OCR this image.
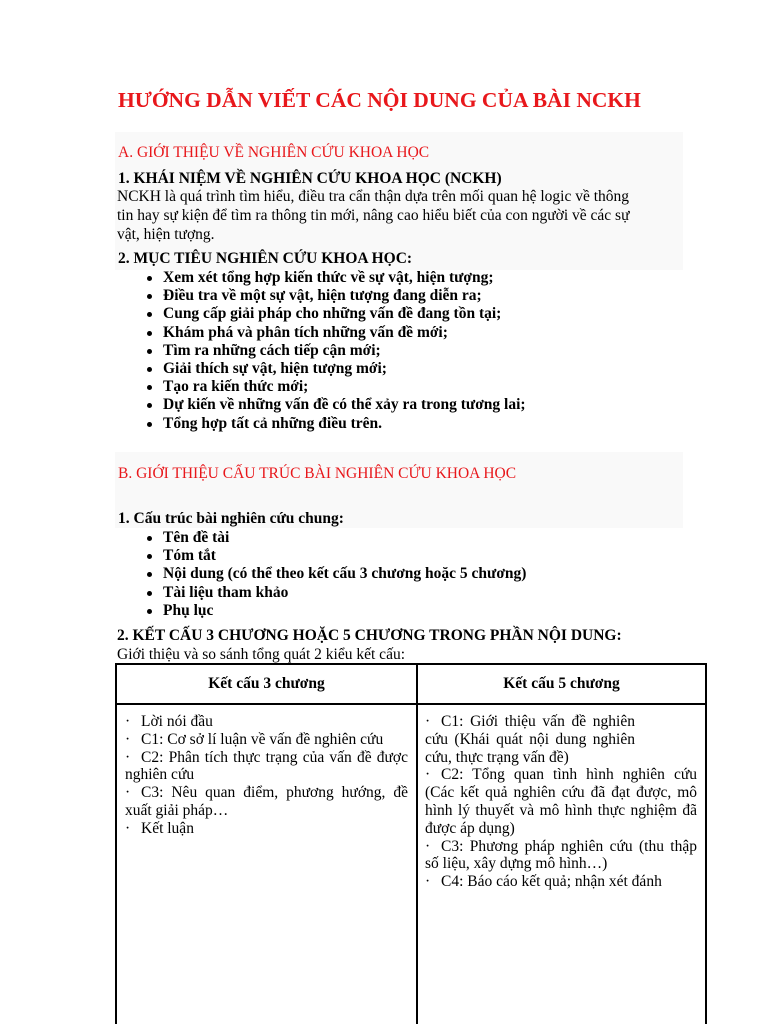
HƯỚNG DẪN VIẾT CÁC NỘI DUNG CỦA BÀI NCKH
A. GIỚI THIỆU VỀ NGHIÊN CỨU KHOA HỌC
1. KHÁI NIỆM VỀ NGHIÊN CỨU KHOA HỌC (NCKH)
NCKH là quá trình tìm hiểu, điều tra cẩn thận dựa trên mối quan hệ logic về thông
tin hay sự kiện để tìm ra thông tin mới, nâng cao hiểu biết của con người về các sự
vật, hiện tượng.
2. MỤC TIÊU NGHIÊN CỨU KHOA HỌC:
Xem xét tổng hợp kiến thức về sự vật, hiện tượng;
Điều tra về một sự vật, hiện tượng đang diễn ra;
Cung cấp giải pháp cho những vấn đề đang tồn tại;
Khám phá và phân tích những vấn đề mới;
Tìm ra những cách tiếp cận mới;
Giải thích sự vật, hiện tượng mới;
Tạo ra kiến thức mới;
Dự kiến về những vấn đề có thể xảy ra trong tương lai;
Tổng hợp tất cả những điều trên.
B. GIỚI THIỆU CẤU TRÚC BÀI NGHIÊN CỨU KHOA HỌC
1. Cấu trúc bài nghiên cứu chung:
Tên đề tài
Tóm tắt
Nội dung (có thể theo kết cấu 3 chương hoặc 5 chương)
Tài liệu tham khảo
Phụ lục
2. KẾT CẤU 3 CHƯƠNG HOẶC 5 CHƯƠNG TRONG PHẦN NỘI DUNG:
Giới thiệu và so sánh tổng quát 2 kiểu kết cấu:
Kết cấu 3 chương	Kết cấu 5 chương
· Lời nói đầu
· C1: Cơ sở lí luận về vấn đề nghiên cứu
· C2: Phân tích thực trạng của vấn đề được nghiên cứu
· C3: Nêu quan điểm, phương hướng, đề xuất giải pháp…
· Kết luận
· C1: Giới thiệu vấn đề nghiên cứu (Khái quát nội dung nghiên cứu, thực trạng vấn đề)
· C2: Tổng quan tình hình nghiên cứu (Các kết quả nghiên cứu đã đạt được, mô hình lý thuyết và mô hình thực nghiệm đã được áp dụng)
· C3: Phương pháp nghiên cứu (thu thập số liệu, xây dựng mô hình…)
· C4: Báo cáo kết quả; nhận xét đánh
